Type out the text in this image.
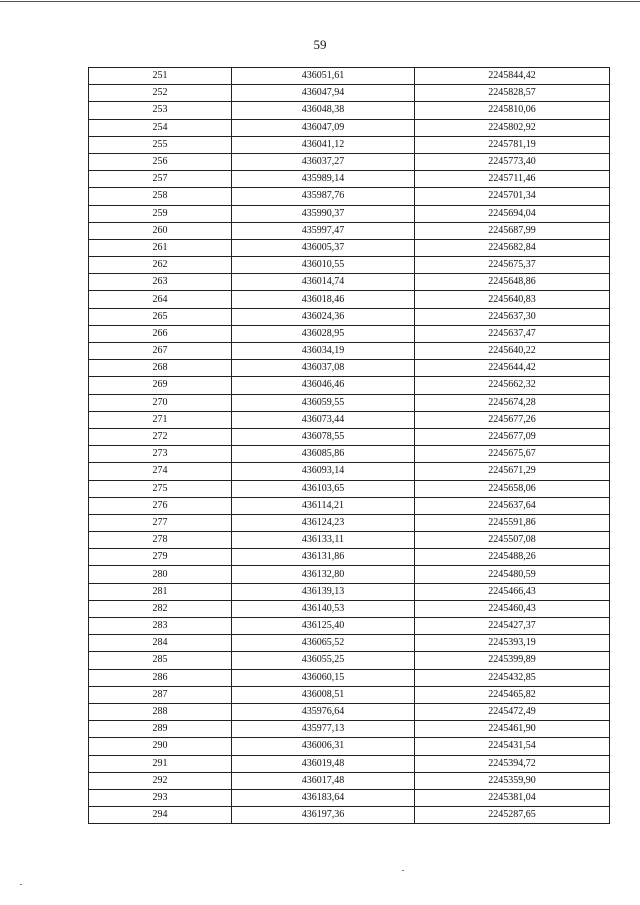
59
251	436051,61	2245844,42
252	436047,94	2245828,57
253	436048,38	2245810,06
254	436047,09	2245802,92
255	436041,12	2245781,19
256	436037,27	2245773,40
257	435989,14	2245711,46
258	435987,76	2245701,34
259	435990,37	2245694,04
260	435997,47	2245687,99
261	436005,37	2245682,84
262	436010,55	2245675,37
263	436014,74	2245648,86
264	436018,46	2245640,83
265	436024,36	2245637,30
266	436028,95	2245637,47
267	436034,19	2245640,22
268	436037,08	2245644,42
269	436046,46	2245662,32
270	436059,55	2245674,28
271	436073,44	2245677,26
272	436078,55	2245677,09
273	436085,86	2245675,67
274	436093,14	2245671,29
275	436103,65	2245658,06
276	436114,21	2245637,64
277	436124,23	2245591,86
278	436133,11	2245507,08
279	436131,86	2245488,26
280	436132,80	2245480,59
281	436139,13	2245466,43
282	436140,53	2245460,43
283	436125,40	2245427,37
284	436065,52	2245393,19
285	436055,25	2245399,89
286	436060,15	2245432,85
287	436008,51	2245465,82
288	435976,64	2245472,49
289	435977,13	2245461,90
290	436006,31	2245431,54
291	436019,48	2245394,72
292	436017,48	2245359,90
293	436183,64	2245381,04
294	436197,36	2245287,65
